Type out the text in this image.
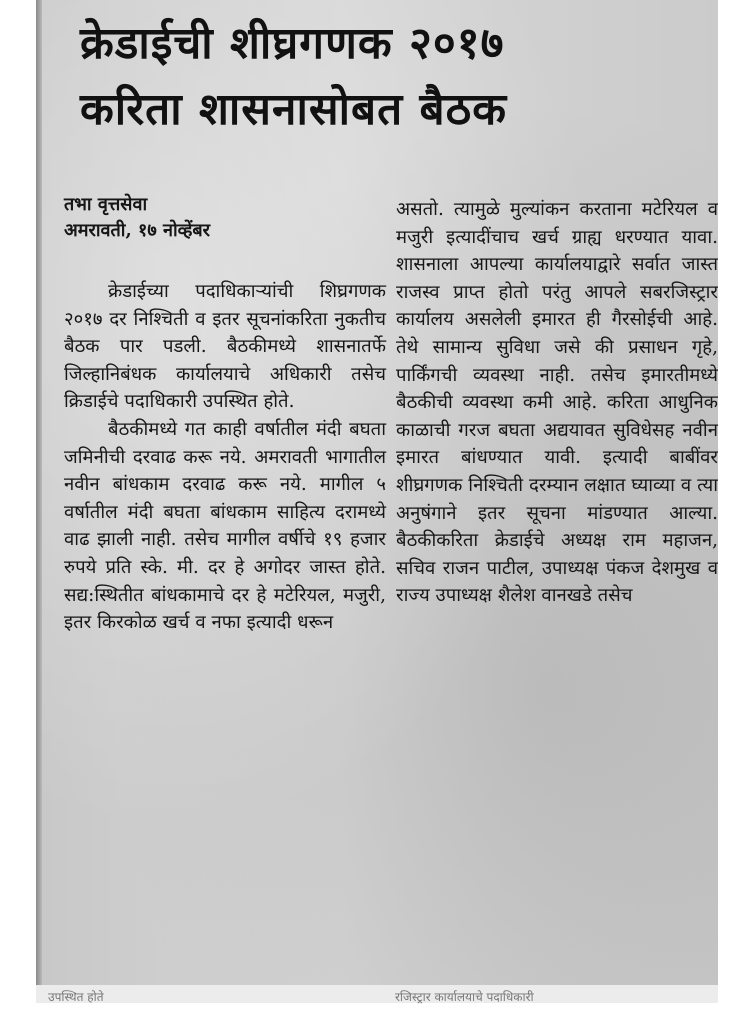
क्रेडाईची शीघ्रगणक २०१७
करिता शासनासोबत बैठक
तभा वृत्तसेवा
अमरावती, १७ नोव्हेंबर

क्रेडाईच्या पदाधिकाऱ्यांची शिघ्रगणक २०१७ दर निश्चिती व इतर सूचनांकरिता नुकतीच बैठक पार पडली. बैठकीमध्ये शासनातर्फे जिल्हानिबंधक कार्यालयाचे अधिकारी तसेच क्रिडाईचे पदाधिकारी उपस्थित होते.

बैठकीमध्ये गत काही वर्षातील मंदी बघता जमिनीची दरवाढ करू नये. अमरावती भागातील नवीन बांधकाम दरवाढ करू नये. मागील ५ वर्षातील मंदी बघता बांधकाम साहित्य दरामध्ये वाढ झाली नाही. तसेच मागील वर्षीचे १९ हजार रुपये प्रति स्के. मी. दर हे अगोदर जास्त होते. सद्य:स्थितीत बांधकामाचे दर हे मटेरियल, मजुरी, इतर किरकोळ खर्च व नफा इत्यादी धरून

असतो. त्यामुळे मुल्यांकन करताना मटेरियल व मजुरी इत्यादींचाच खर्च ग्राह्य धरण्यात यावा. शासनाला आपल्या कार्यालयाद्वारे सर्वात जास्त राजस्व प्राप्त होतो परंतु आपले सबरजिस्ट्रार कार्यालय असलेली इमारत ही गैरसोईची आहे. तेथे सामान्य सुविधा जसे की प्रसाधन गृहे, पार्किंगची व्यवस्था नाही. तसेच इमारतीमध्ये बैठकीची व्यवस्था कमी आहे. करिता आधुनिक काळाची गरज बघता अद्ययावत सुविधेसह नवीन इमारत बांधण्यात यावी. इत्यादी बाबींवर शीघ्रगणक निश्चिती दरम्यान लक्षात घ्याव्या व त्या अनुषंगाने इतर सूचना मांडण्यात आल्या. बैठकीकरिता क्रेडाईचे अध्यक्ष राम महाजन, सचिव राजन पाटील, उपाध्यक्ष पंकज देशमुख व राज्य उपाध्यक्ष शैलेश वानखडे तसेच

उपस्थित होते	रजिस्ट्रार कार्यालयाचे पदाधिकारी
